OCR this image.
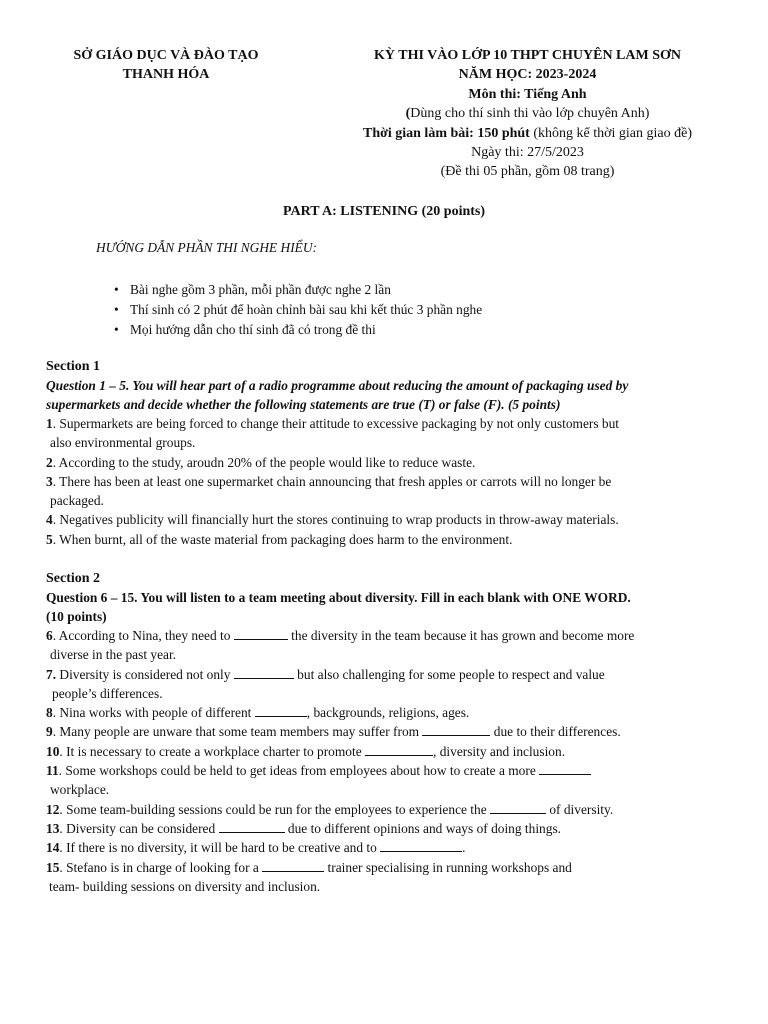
SỞ GIÁO DỤC VÀ ĐÀO TẠO
THANH HÓA
KỲ THI VÀO LỚP 10 THPT CHUYÊN LAM SƠN
NĂM HỌC: 2023-2024
Môn thi: Tiếng Anh
(Dùng cho thí sinh thi vào lớp chuyên Anh)
Thời gian làm bài: 150 phút (không kể thời gian giao đề)
Ngày thi: 27/5/2023
(Đề thi 05 phần, gồm 08 trang)
PART A: LISTENING (20 points)
HƯỚNG DẪN PHẦN THI NGHE HIỂU:
• Bài nghe gồm 3 phần, mỗi phần được nghe 2 lần
• Thí sinh có 2 phút để hoàn chỉnh bài sau khi kết thúc 3 phần nghe
• Mọi hướng dẫn cho thí sinh đã có trong đề thi
Section 1
Question 1 – 5. You will hear part of a radio programme about reducing the amount of packaging used by
supermarkets and decide whether the following statements are true (T) or false (F). (5 points)
1. Supermarkets are being forced to change their attitude to excessive packaging by not only customers but
also environmental groups.
2. According to the study, aroudn 20% of the people would like to reduce waste.
3. There has been at least one supermarket chain announcing that fresh apples or carrots will no longer be
packaged.
4. Negatives publicity will financially hurt the stores continuing to wrap products in throw-away materials.
5. When burnt, all of the waste material from packaging does harm to the environment.
Section 2
Question 6 – 15. You will listen to a team meeting about diversity. Fill in each blank with ONE WORD.
(10 points)
6. According to Nina, they need to	the diversity in the team because it has grown and become more
diverse in the past year.
7. Diversity is considered not only	but also challenging for some people to respect and value
people’s differences.
8. Nina works with people of different	, backgrounds, religions, ages.
9. Many people are unware that some team members may suffer from	due to their differences.
10. It is necessary to create a workplace charter to promote	, diversity and inclusion.
11. Some workshops could be held to get ideas from employees about how to create a more
workplace.
12. Some team-building sessions could be run for the employees to experience the	of diversity.
13. Diversity can be considered	due to different opinions and ways of doing things.
14. If there is no diversity, it will be hard to be creative and to	.
15. Stefano is in charge of looking for a	trainer specialising in running workshops and
team- building sessions on diversity and inclusion.
